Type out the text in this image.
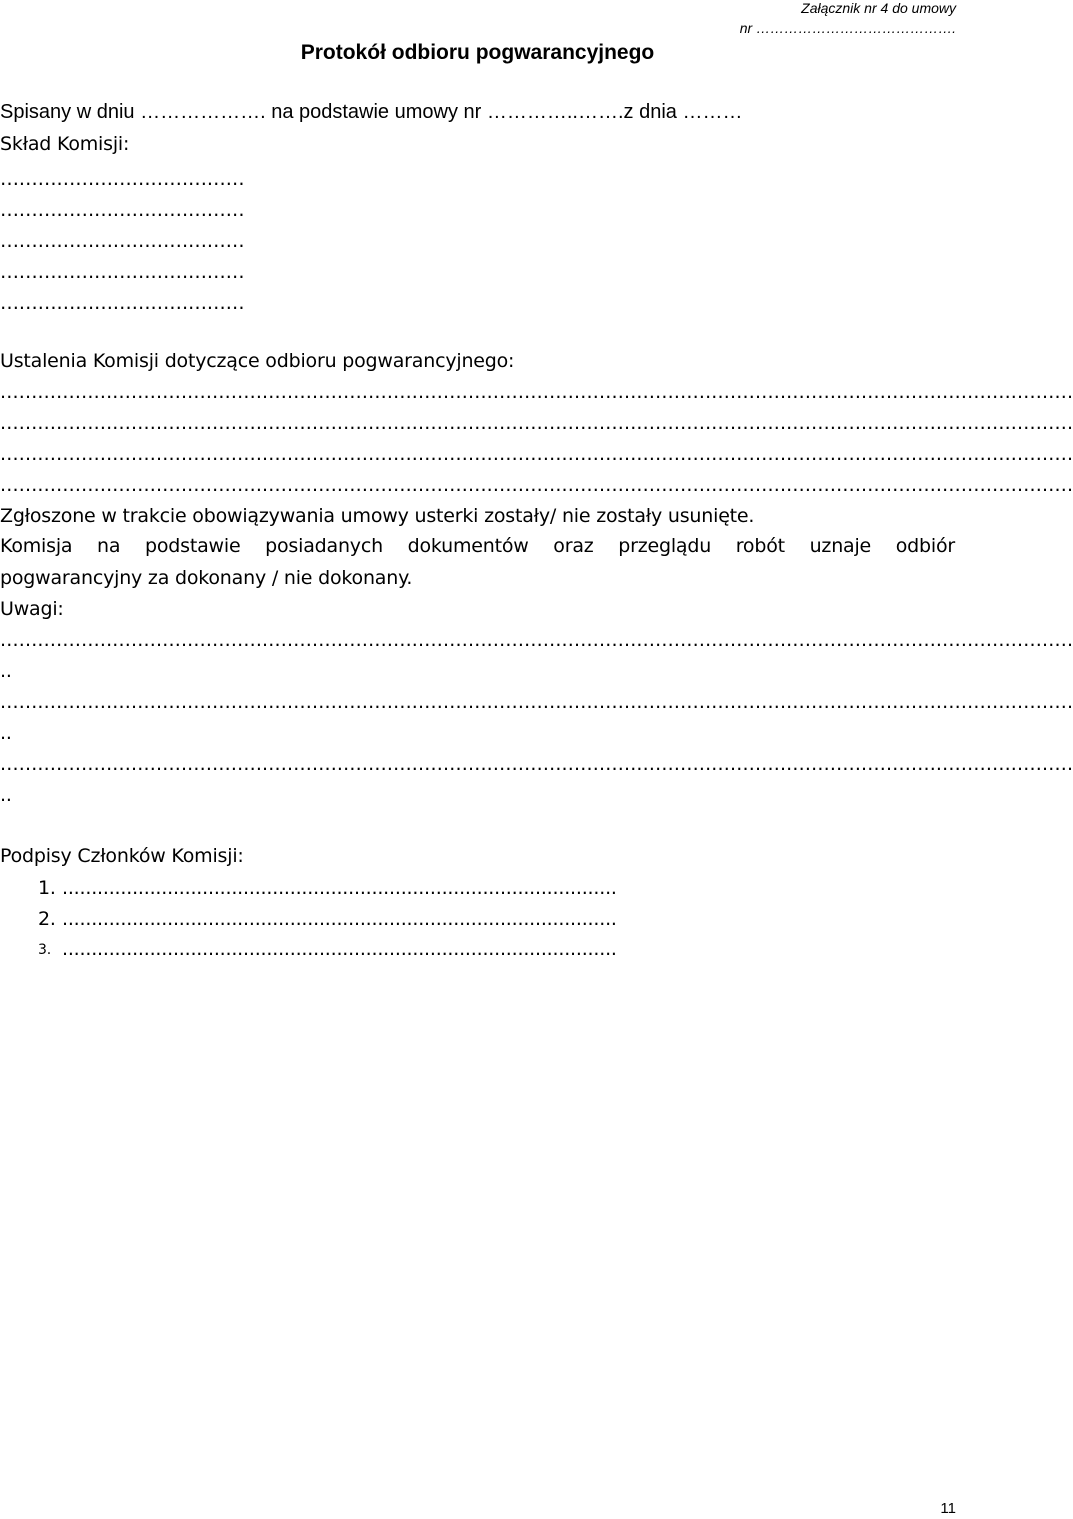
Załącznik nr 4 do umowy
nr …………………………………….
Protokół odbioru pogwarancyjnego
Spisany w dniu ………………. na podstawie umowy nr …………..…….z dnia ………
Skład Komisji:
…………………………………
…………………………………
…………………………………
…………………………………
…………………………………
Ustalenia Komisji dotyczące odbioru pogwarancyjnego:
............................................................................................................................................................................
............................................................................................................................................................................
............................................................................................................................................................................
............................................................................................................................................................................
Zgłoszone w trakcie obowiązywania umowy usterki zostały/ nie zostały usunięte.
Komisja na podstawie posiadanych dokumentów oraz przeglądu robót uznaje odbiór
pogwarancyjny za dokonany / nie dokonany.
Uwagi:
............................................................................................................................................................................
..
............................................................................................................................................................................
..
............................................................................................................................................................................
..
Podpisy Członków Komisji:
1. ...............................................................................................
2. ...............................................................................................
3. ...............................................................................................
11
